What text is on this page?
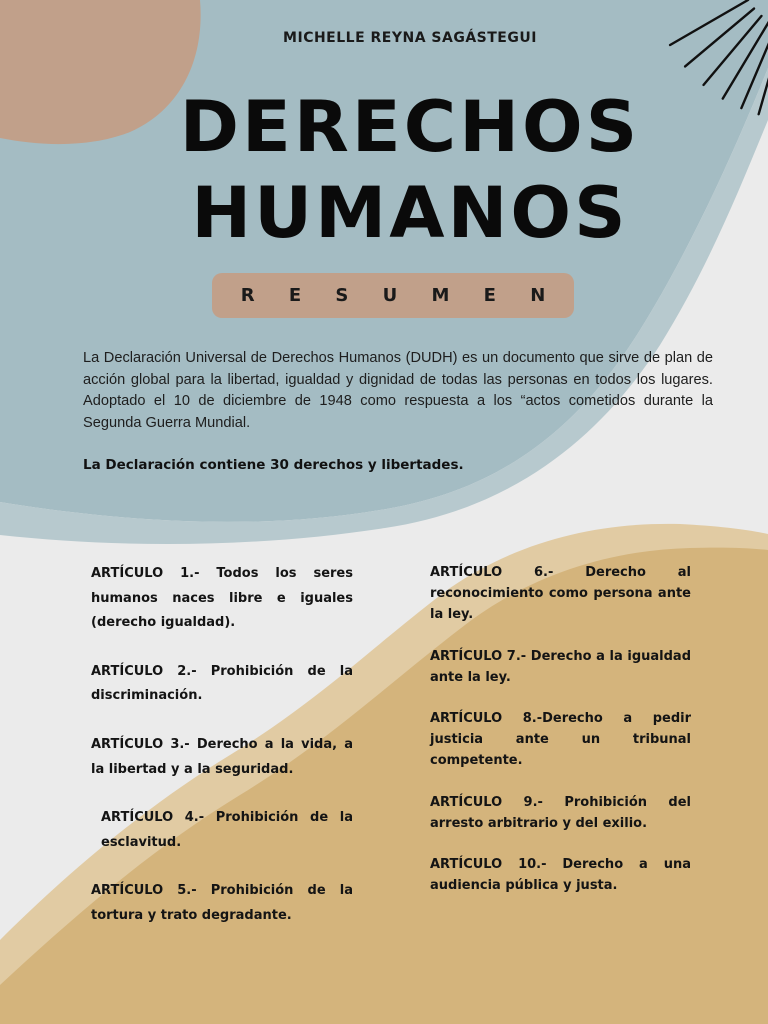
MICHELLE REYNA SAGÁSTEGUI
DERECHOS
HUMANOS
R E S U M E N

La Declaración Universal de Derechos Humanos (DUDH) es un documento que sirve de plan de acción global para la libertad, igualdad y dignidad de todas las personas en todos los lugares. Adoptado el 10 de diciembre de 1948 como respuesta a los “actos cometidos durante la Segunda Guerra Mundial.

La Declaración contiene 30 derechos y libertades.

ARTÍCULO 1.- Todos los seres humanos naces libre e iguales (derecho igualdad).

ARTÍCULO 2.- Prohibición de la discriminación.

ARTÍCULO 3.- Derecho a la vida, a la libertad y a la seguridad.

ARTÍCULO 4.- Prohibición de la esclavitud.

ARTÍCULO 5.- Prohibición de la tortura y trato degradante.

ARTÍCULO 6.- Derecho al reconocimiento como persona ante la ley.

ARTÍCULO 7.- Derecho a la igualdad ante la ley.

ARTÍCULO 8.-Derecho a pedir justicia ante un tribunal competente.

ARTÍCULO 9.- Prohibición del arresto arbitrario y del exilio.

ARTÍCULO 10.- Derecho a una audiencia pública y justa.
